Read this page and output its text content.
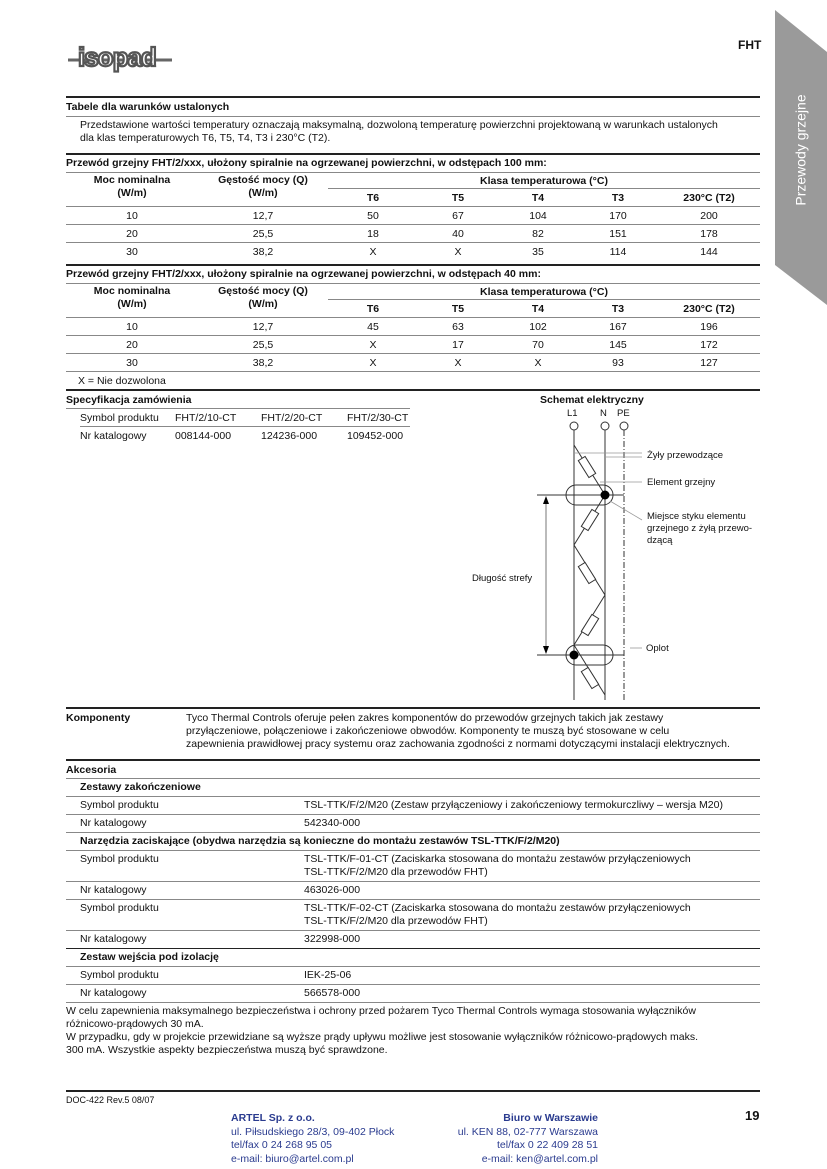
isopad	FHT
Przewody grzejne
Tabele dla warunków ustalonych
Przedstawione wartości temperatury oznaczają maksymalną, dozwoloną temperaturę powierzchni projektowaną w warunkach ustalonych
dla klas temperaturowych T6, T5, T4, T3 i 230°C (T2).
Przewód grzejny FHT/2/xxx, ułożony spiralnie na ogrzewanej powierzchni, w odstępach 100 mm:
Moc nominalna
(W/m)

Gęstość mocy (Q)
(W/m)
	Klasa temperaturowa (°C)
		T6	T5	T4	T3	230°C (T2)
10	12,7	50	67	104	170	200
20	25,5	18	40	82	151	178
30	38,2	X	X	35	114	144
Przewód grzejny FHT/2/xxx, ułożony spiralnie na ogrzewanej powierzchni, w odstępach 40 mm:
Moc nominalna
(W/m)

Gęstość mocy (Q)
(W/m)
	Klasa temperaturowa (°C)
		T6	T5	T4	T3	230°C (T2)
10	12,7	45	63	102	167	196
20	25,5	X	17	70	145	172
30	38,2	X	X	X	93	127
X = Nie dozwolona						
Specyfikacja zamówienia
Symbol produktu	FHT/2/10-CT	FHT/2/20-CT	FHT/2/30-CT
Nr katalogowy	008144-000	124236-000	109452-000
Schemat elektryczny
L1 N PE
Żyły przewodzące
Element grzejny
Miejsce styku elementu
grzejnego z żyłą przewo-
dzącą
Długość strefy
Oplot
Komponenty	Tyco Thermal Controls oferuje pełen zakres komponentów do przewodów grzejnych takich jak zestawy
przyłączeniowe, połączeniowe i zakończeniowe obwodów. Komponenty te muszą być stosowane w celu
zapewnienia prawidłowej pracy systemu oraz zachowania zgodności z normami dotyczącymi instalacji elektrycznych.
Akcesoria
Zestawy zakończeniowe	
Symbol produktu	TSL-TTK/F/2/M20 (Zestaw przyłączeniowy i zakończeniowy termokurczliwy – wersja M20)
Nr katalogowy	542340-000
Narzędzia zaciskające (obydwa narzędzia są konieczne do montażu zestawów TSL-TTK/F/2/M20)	
Symbol produktu	TSL-TTK/F-01-CT (Zaciskarka stosowana do montażu zestawów przyłączeniowych
TSL-TTK/F/2/M20 dla przewodów FHT)

Nr katalogowy	463026-000
Symbol produktu	TSL-TTK/F-02-CT (Zaciskarka stosowana do montażu zestawów przyłączeniowych
TSL-TTK/F/2/M20 dla przewodów FHT)

Nr katalogowy	322998-000
Zestaw wejścia pod izolację	
Symbol produktu	IEK-25-06
Nr katalogowy	566578-000

W celu zapewnienia maksymalnego bezpieczeństwa i ochrony przed pożarem Tyco Thermal Controls wymaga stosowania wyłączników
różnicowo-prądowych 30 mA.
W przypadku, gdy w projekcie przewidziane są wyższe prądy upływu możliwe jest stosowanie wyłączników różnicowo-prądowych maks.
300 mA. Wszystkie aspekty bezpieczeństwa muszą być sprawdzone.	
DOC-422 Rev.5 08/07
ARTEL Sp. z o.o.
ul. Piłsudskiego 28/3, 09-402 Płock
tel/fax 0 24 268 95 05
e-mail: biuro@artel.com.pl
Biuro w Warszawie
ul. KEN 88, 02-777 Warszawa
tel/fax 0 22 409 28 51
e-mail: ken@artel.com.pl
19
